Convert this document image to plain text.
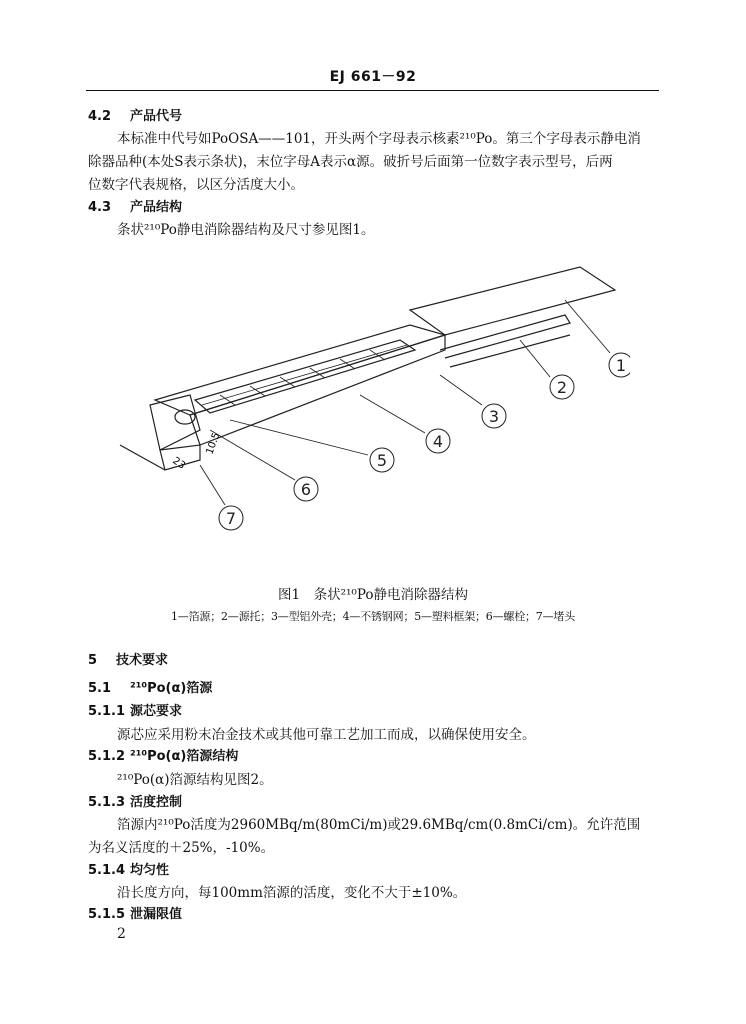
EJ 661－92
4.2 产品代号
本标准中代号如PoOSA——101，开头两个字母表示核素²¹⁰Po。第三个字母表示静电消
除器品种(本处S表示条状)，末位字母A表示α源。破折号后面第一位数字表示型号，后两
位数字代表规格，以区分活度大小。
4.3 产品结构
条状²¹⁰Po静电消除器结构及尺寸参见图1。
10.5
23
1
2
3
4
5
6
7
图1　条状²¹⁰Po静电消除器结构
1—箔源；2—源托；3—型铝外壳；4—不锈钢网；5—塑料框架；6—螺栓；7—堵头
5 技术要求
5.1 ²¹⁰Po(α)箔源
5.1.1 源芯要求
源芯应采用粉末冶金技术或其他可靠工艺加工而成，以确保使用安全。
5.1.2 ²¹⁰Po(α)箔源结构
²¹⁰Po(α)箔源结构见图2。
5.1.3 活度控制
箔源内²¹⁰Po活度为2960MBq/m(80mCi/m)或29.6MBq/cm(0.8mCi/cm)。允许范围
为名义活度的＋25%，-10%。
5.1.4 均匀性
沿长度方向，每100mm箔源的活度，变化不大于±10%。
5.1.5 泄漏限值
2
